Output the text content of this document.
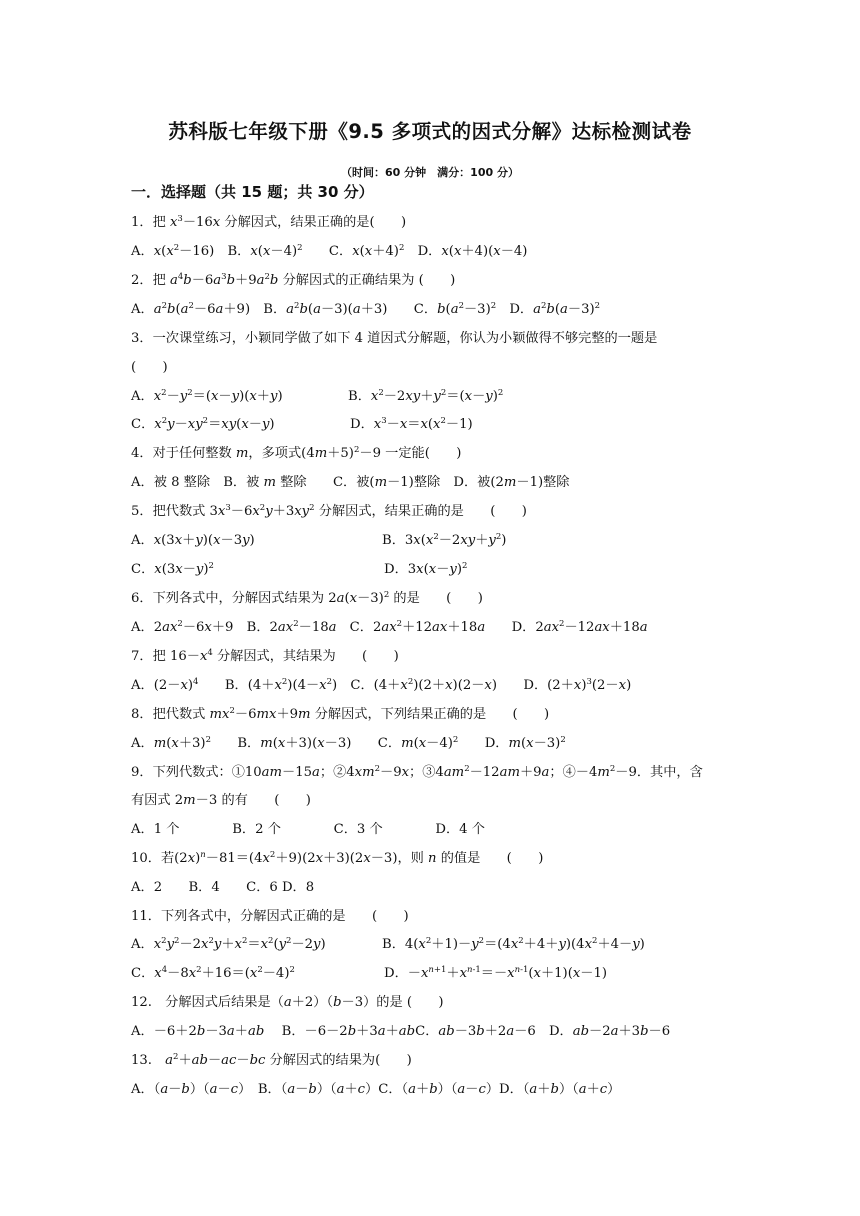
苏科版七年级下册《9.5 多项式的因式分解》达标检测试卷
（时间：60 分钟　满分：100 分）
一．选择题（共 15 题；共 30 分）
1．把 $x^3-16x$ 分解因式，结果正确的是(　　)
A．$x(x^2-16)$　B．$x(x-4)^2$　　C．$x(x+4)^2$　D．x(x＋4)(x－4)
2．把 $a^4b-6a^3b+9a^2b$ 分解因式的正确结果为 (　　)
A．$a^2b(a^2-6a+9)$　B．$a^2b(a-3)(a+3)$　　C．$b(a^2-3)^2$　D．$a^2b(a-3)^2$
3．一次课堂练习，小颖同学做了如下 4 道因式分解题，你认为小颖做得不够完整的一题是
(　　)
A．$x^2-y^2=(x-y)(x+y)$	B．$x^2-2xy+y^2=(x-y)^2$
C．$x^2y-xy^2=xy(x-y)$	D．$x^3-x=x(x^2-1)$
4．对于任何整数 m，多项式$(4m+5)^2-9$ 一定能(　　)
A．被 8 整除　B．被 m 整除　　C．被(m－1)整除　D．被(2m－1)整除
5．把代数式 $3x^3-6x^2y+3xy^2$ 分解因式，结果正确的是　　(　　)
A．x(3x＋y)(x－3y)	B．$3x(x^2-2xy+y^2)$
C．$x(3x-y)^2$	D．$3x(x-y)^2$
6．下列各式中，分解因式结果为 $2a(x-3)^2$ 的是　　(　　)
A．$2ax^2-6x+9$　B．$2ax^2-18a$　C．$2ax^2+12ax+18a$　　D．$2ax^2-12ax+18a$
7．把 $16-x^4$ 分解因式，其结果为　　(　　)
A．$(2-x)^4$　　B．$(4+x^2)(4-x^2)$　C．$(4+x^2)(2+x)(2-x)$　　D．$(2+x)^3(2-x)$
8．把代数式 $mx^2-6mx+9m$ 分解因式，下列结果正确的是　　(　　)
A．$m(x+3)^2$　　B．m(x＋3)(x－3)　　C．$m(x-4)^2$　　D．$m(x-3)^2$
9．下列代数式：①10am－15a；$②4xm^2-9x$；$③4am^2-12am+9a$；$④-4m^2-9$．其中，含
有因式 2m－3 的有　　(　　)
A．1 个　　　　B．2 个　　　　C．3 个　　　　D．4 个
10．若$(2x)^n-81=(4x^2+9)(2x+3)(2x-3)$，则 n 的值是　　(　　)
A．2　　B．4　　C．6 D．8
11．下列各式中，分解因式正确的是　　(　　)
A．$x^2y^2-2x^2y+x^2=x^2(y^2-2y)$	B．$4(x^2+1)-y^2=(4x^2+4+y)(4x^2+4-y)$
C．$x^4-8x^2+16=(x^2-4)^2$	D．$-x^{n+1}+x^{n-1}=-x^{n-1}(x+1)(x-1)$
12.　分解因式后结果是（a＋2）（b－3）的是 (　　)
A．－6＋2b－3a＋ab　 B．－6－2b＋3a＋abC．ab－3b＋2a－6　D．ab－2a＋3b－6
13.　$a^2+ab-ac-bc$ 分解因式的结果为(　　)
A．（a－b）（a－c）　B．（a－b）（a＋c）C．（a＋b）（a－c）D．（a＋b）（a＋c）
